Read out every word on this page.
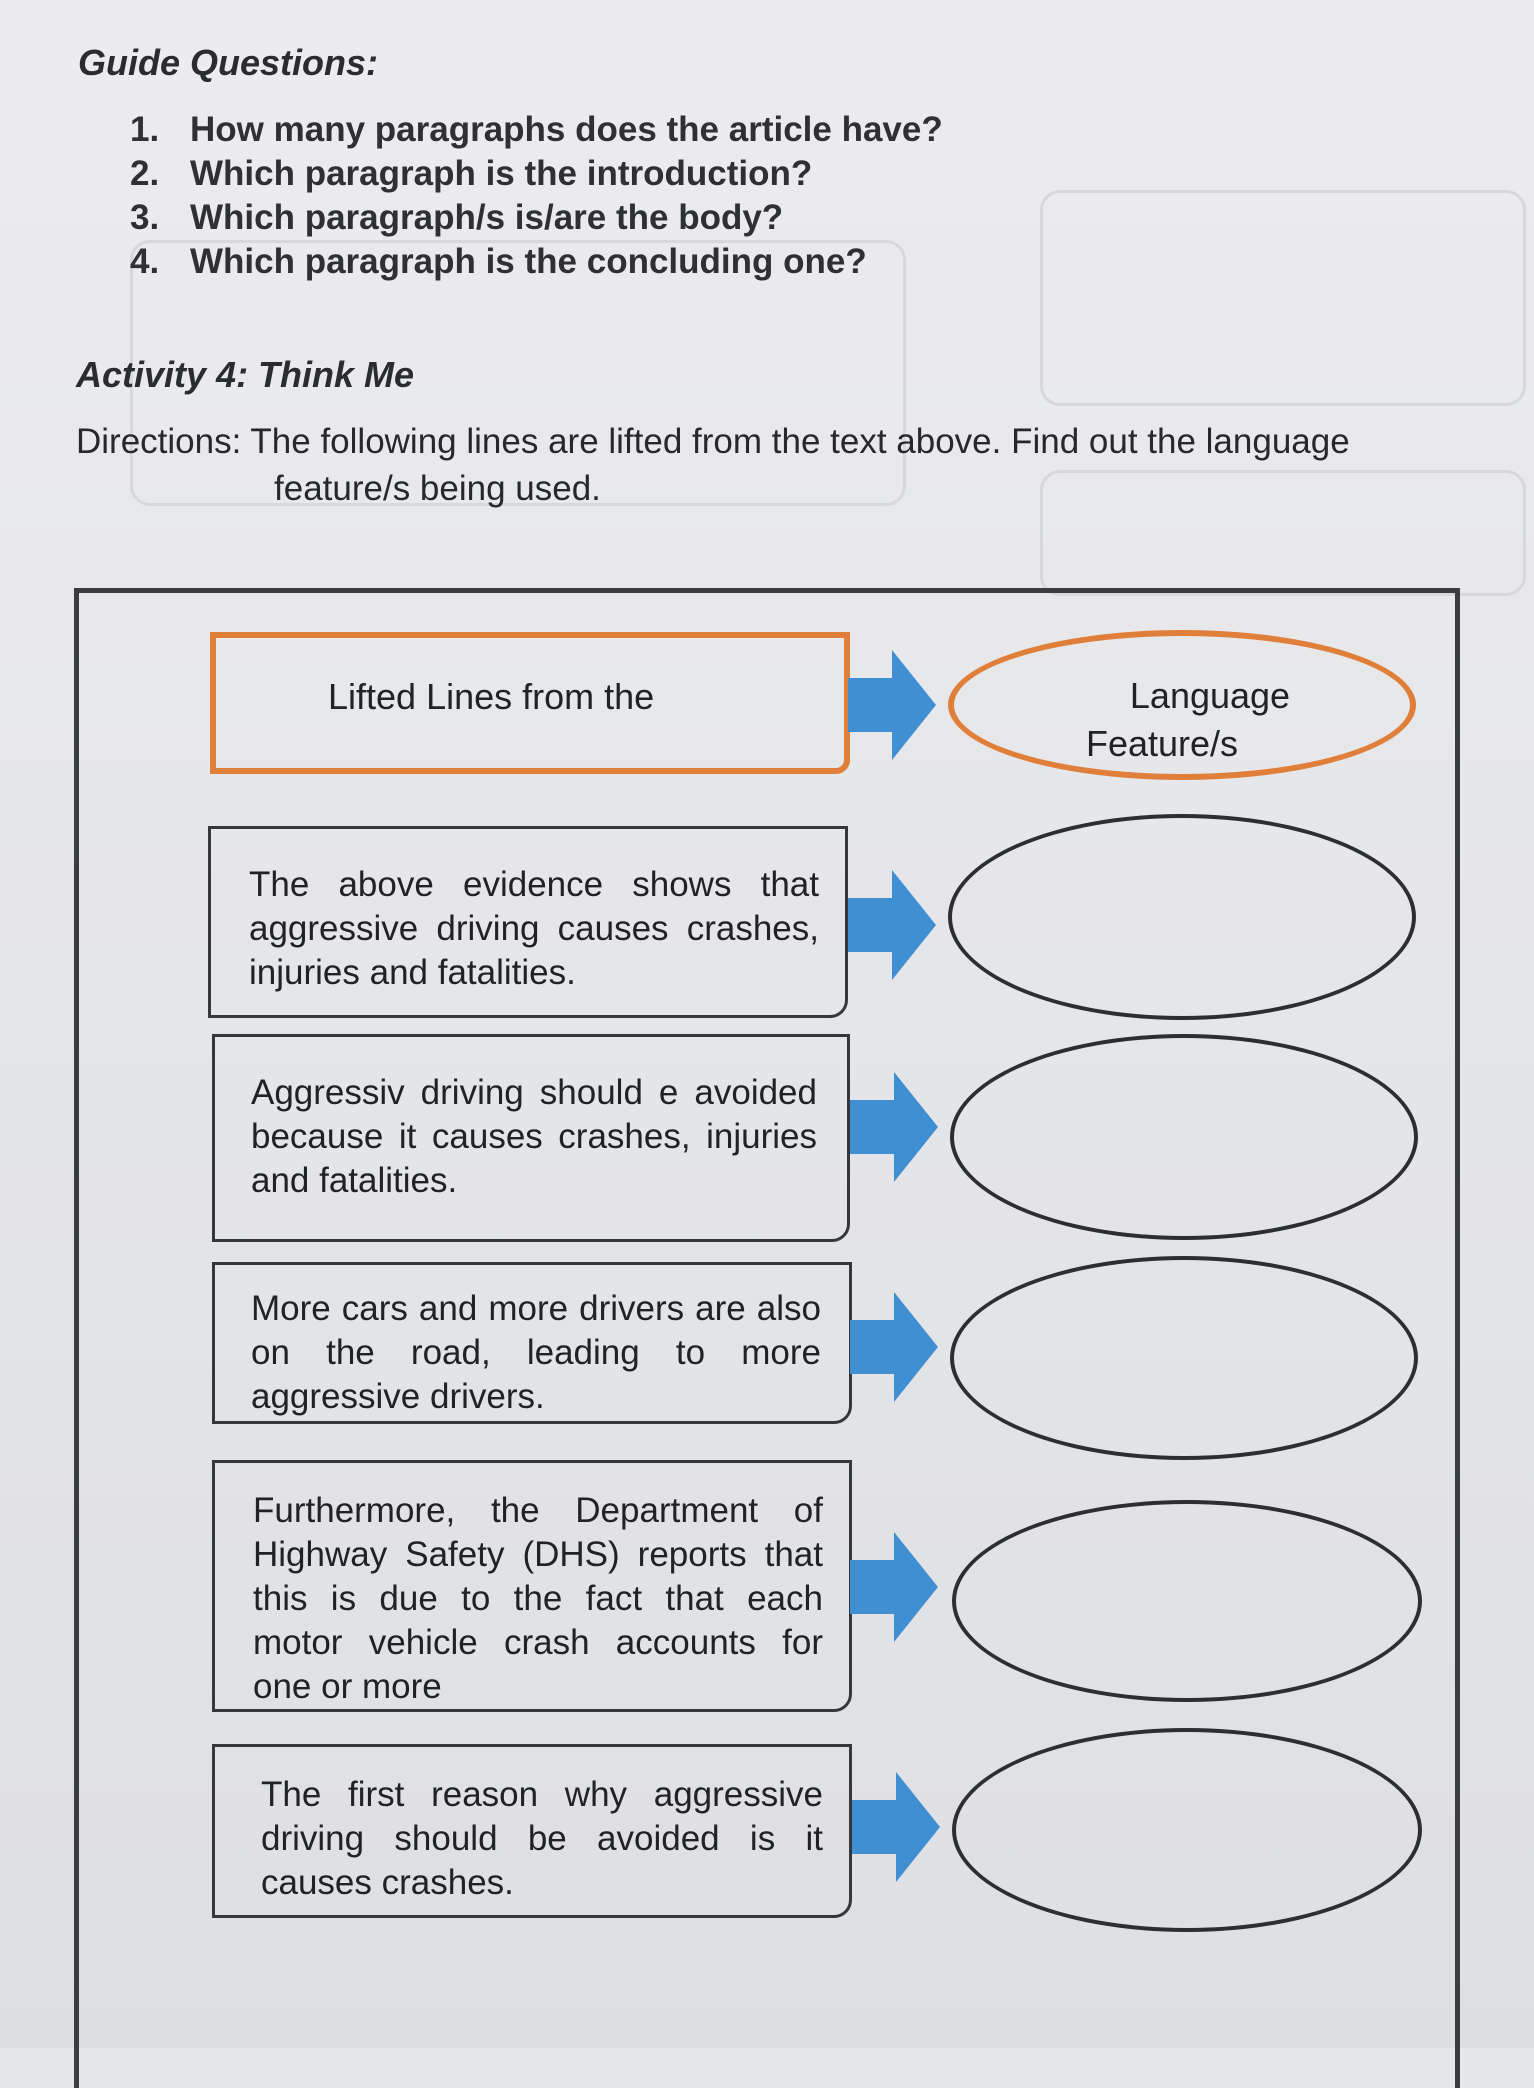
Guide Questions:
1. How many paragraphs does the article have?
2. Which paragraph is the introduction?
3. Which paragraph/s is/are the body?
4. Which paragraph is the concluding one?
Activity 4: Think Me
Directions: The following lines are lifted from the text above. Find out the language
feature/s being used.
Lifted Lines from the	Language
Feature/s
The above evidence shows that aggressive driving causes crashes, injuries and fatalities.
Aggressiv driving should e avoided because it causes crashes, injuries and fatalities.
More cars and more drivers are also on the road, leading to more aggressive drivers.
Furthermore, the Department of Highway Safety (DHS) reports that this is due to the fact that each motor vehicle crash accounts for one or more
The first reason why aggressive driving should be avoided is it causes crashes.
